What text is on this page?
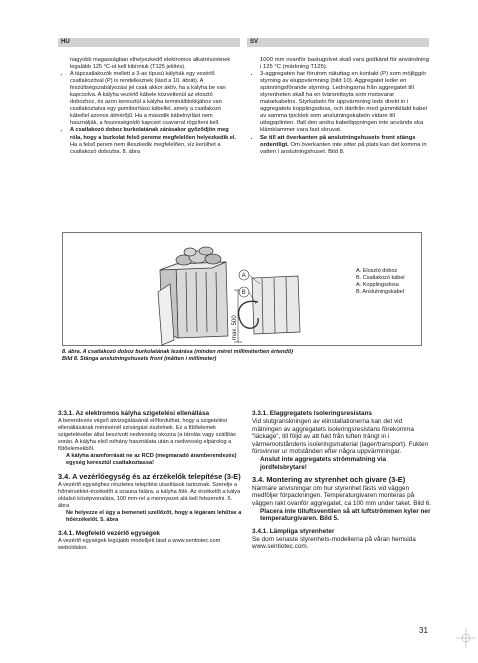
HU	SV

nagyobb magasságban elhelyezkedő elektromos alkatrészeknek legalább 125 °C-ot kell kibírniuk (T125 jelölés).

• A tápcsatlakozók mellett a 3-as típusú kályhák egy vezérlő csatlakozóval (P) is rendelkeznek (lásd a 10. ábrát). A feszültségszabályozási jel csak akkor aktív, ha a kályha be van kapcsolva. A kályha vezérlő kábele közvetlenül az elosztó dobozhoz, és azon keresztül a kályha terminálblokkjához van csatlakoztatva egy gumiborítású kábellel, amely a csatlakozó kábellel azonos átmérőjű. Ha a második kábelnyílást nem használják, a feszességoldó kapcsot csavarral rögzíteni kell.
• A csatlakozó doboz burkolatának zárásakor győződjön meg róla, hogy a burkolat felső pereme megfelelően helyezkedik el. Ha a felső perem nem illeszkedik megfelelően, víz kerülhet a csatlakozó dobozba. 8. ábra

1000 mm ovanför bastugolvet skall vara godkänd för användning i 125 °C (märkning T125).

• 3-aggregaten har förutom nätuttag en kontakt (P) som möjliggör styrning av eluppvärmning (bild 10). Aggregatet leder en spänningsförande styrning. Ledningarna från aggregatet till styrenheten skall ha en tvärsnittsyta som motsvarar matarkabelns. Styrkabeln för uppvärmning leds direkt in i aggregatets kopplingsdosa, och därifrån med gummiklädd kabel av samma tjocklek som anslutningskabeln vidare till uttagsplinten. Ifall den andra kabelöppningen inte används ska klämklammer vara fast skruvat.
• Se till att överkanten på anslutningshusets front stängs ordentligt. Om överkanten inte sitter på plats kan det komma in vatten i anslutningshuset. Bild 8.
max. 500
A
B
A. Elosztó doboz
B. Csatlakozó kábel
A. Kopplingsdosa
B. Anslutningskabel
8. ábra. A csatlakozó doboz burkolatának lezárása (minden méret milliméterben értendő)
Bild 8. Stänga anslutningshusets front (måtten i millimeter)

3.3.1. Az elektromos kályha szigetelési ellenállása

A berendezés végső átvizsgálásánál előfordulhat, hogy a szigetelési ellenállásának mérésénél szivárgást észlelnek. Ez a fűtőelemek szigetelésébe által beszívott nedvesség okozza (a tárolás vagy szállítás során. A kályha első néhány használata után a nedvesség elpárolog a fűtőelemekből.

A kályha áramforrását ne az RCD (megmaradó áramberendezés) egység keresztül csatlakoztassa!

3.4. A vezérlőegység és az érzékelők telepítése (3-E)

A vezérlő egységhez részletes telepítési utasítások tartoznak. Szerelje a hőmérséklet-érzékelőt a szauna falára, a kályha fölé. Az érzékelőt a kálya oldalsó középvonalára, 100 mm-rel a mennyezet alá kell felszerelni. 6. ábra

Ne helyezze el úgy a bemeneti szellőzőt, hogy a légáram lehűtse a hőérzékelőt. 5. ábra

3.4.1. Megfelelő vezérlő egységek

A vezérlő egységek legújabb modelljeit lásd a www.sentiotec.com weboldalon.

3.3.1. Elaggregatets isoleringsresistans

Vid slutgranskningen av elinstallationerna kan det vid mätningen av aggregatets isoleringsresistans förekomma "läckage", till följd av att fukt från luften trängt in i värmemotståndens isoleringsmaterial (lager/transport). Fukten försvinner ur motstånden efter några uppvärmningar.

Anslut inte aggregatets strömmatning via jordfelsbrytare!

3.4. Montering av styrenhet och givare (3-E)

Närmare anvisningar om hur styrenhet fästs vid väggen medföljer förpackningen. Temperaturgivaren monteras på väggen rakt ovanför aggregatet, ca 100 mm under taket. Bild 6.

Placera inte tilluftsventilen så att luftströmmen kyler ner temperaturgivaren. Bild 5.

3.4.1. Lämpliga styrenheter

Se dom senaste styrenhets-modellerna på våran hemsida www.sentiotec.com.

31
